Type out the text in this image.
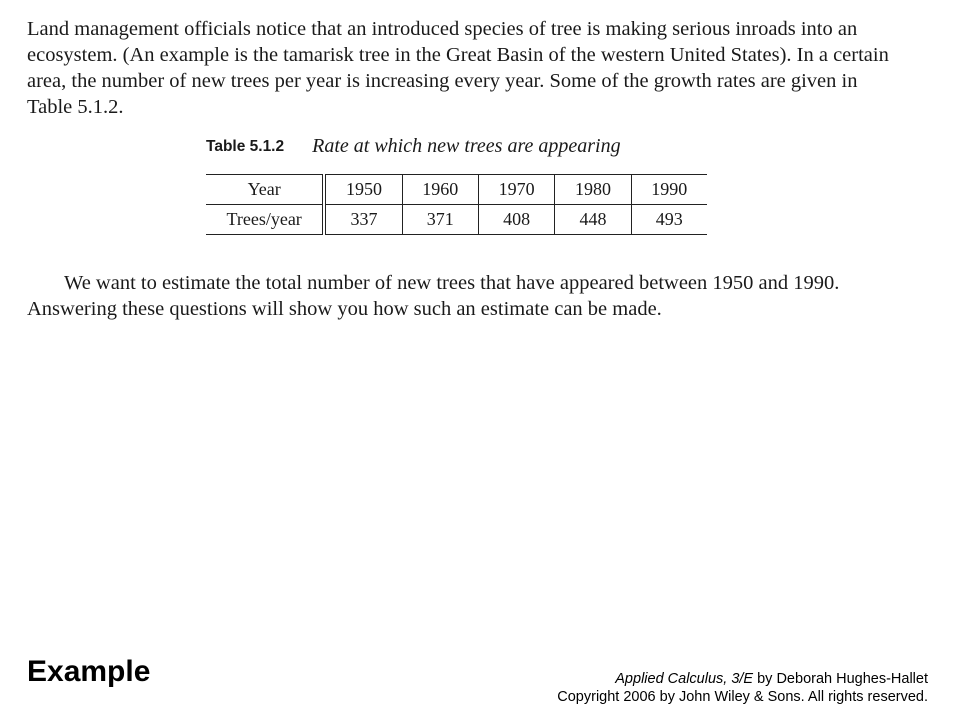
Land management officials notice that an introduced species of tree is making serious inroads into an ecosystem. (An example is the tamarisk tree in the Great Basin of the western United States). In a certain area, the number of new trees per year is increasing every year. Some of the growth rates are given in Table 5.1.2.

Table 5.1.2 Rate at which new trees are appearing
Year	1950	1960	1970	1980	1990
Trees/year	337	371	408	448	493

We want to estimate the total number of new trees that have appeared between 1950 and 1990. Answering these questions will show you how such an estimate can be made.

Example	Applied Calculus, 3/E by Deborah Hughes-Hallet
Copyright 2006 by John Wiley & Sons. All rights reserved.
